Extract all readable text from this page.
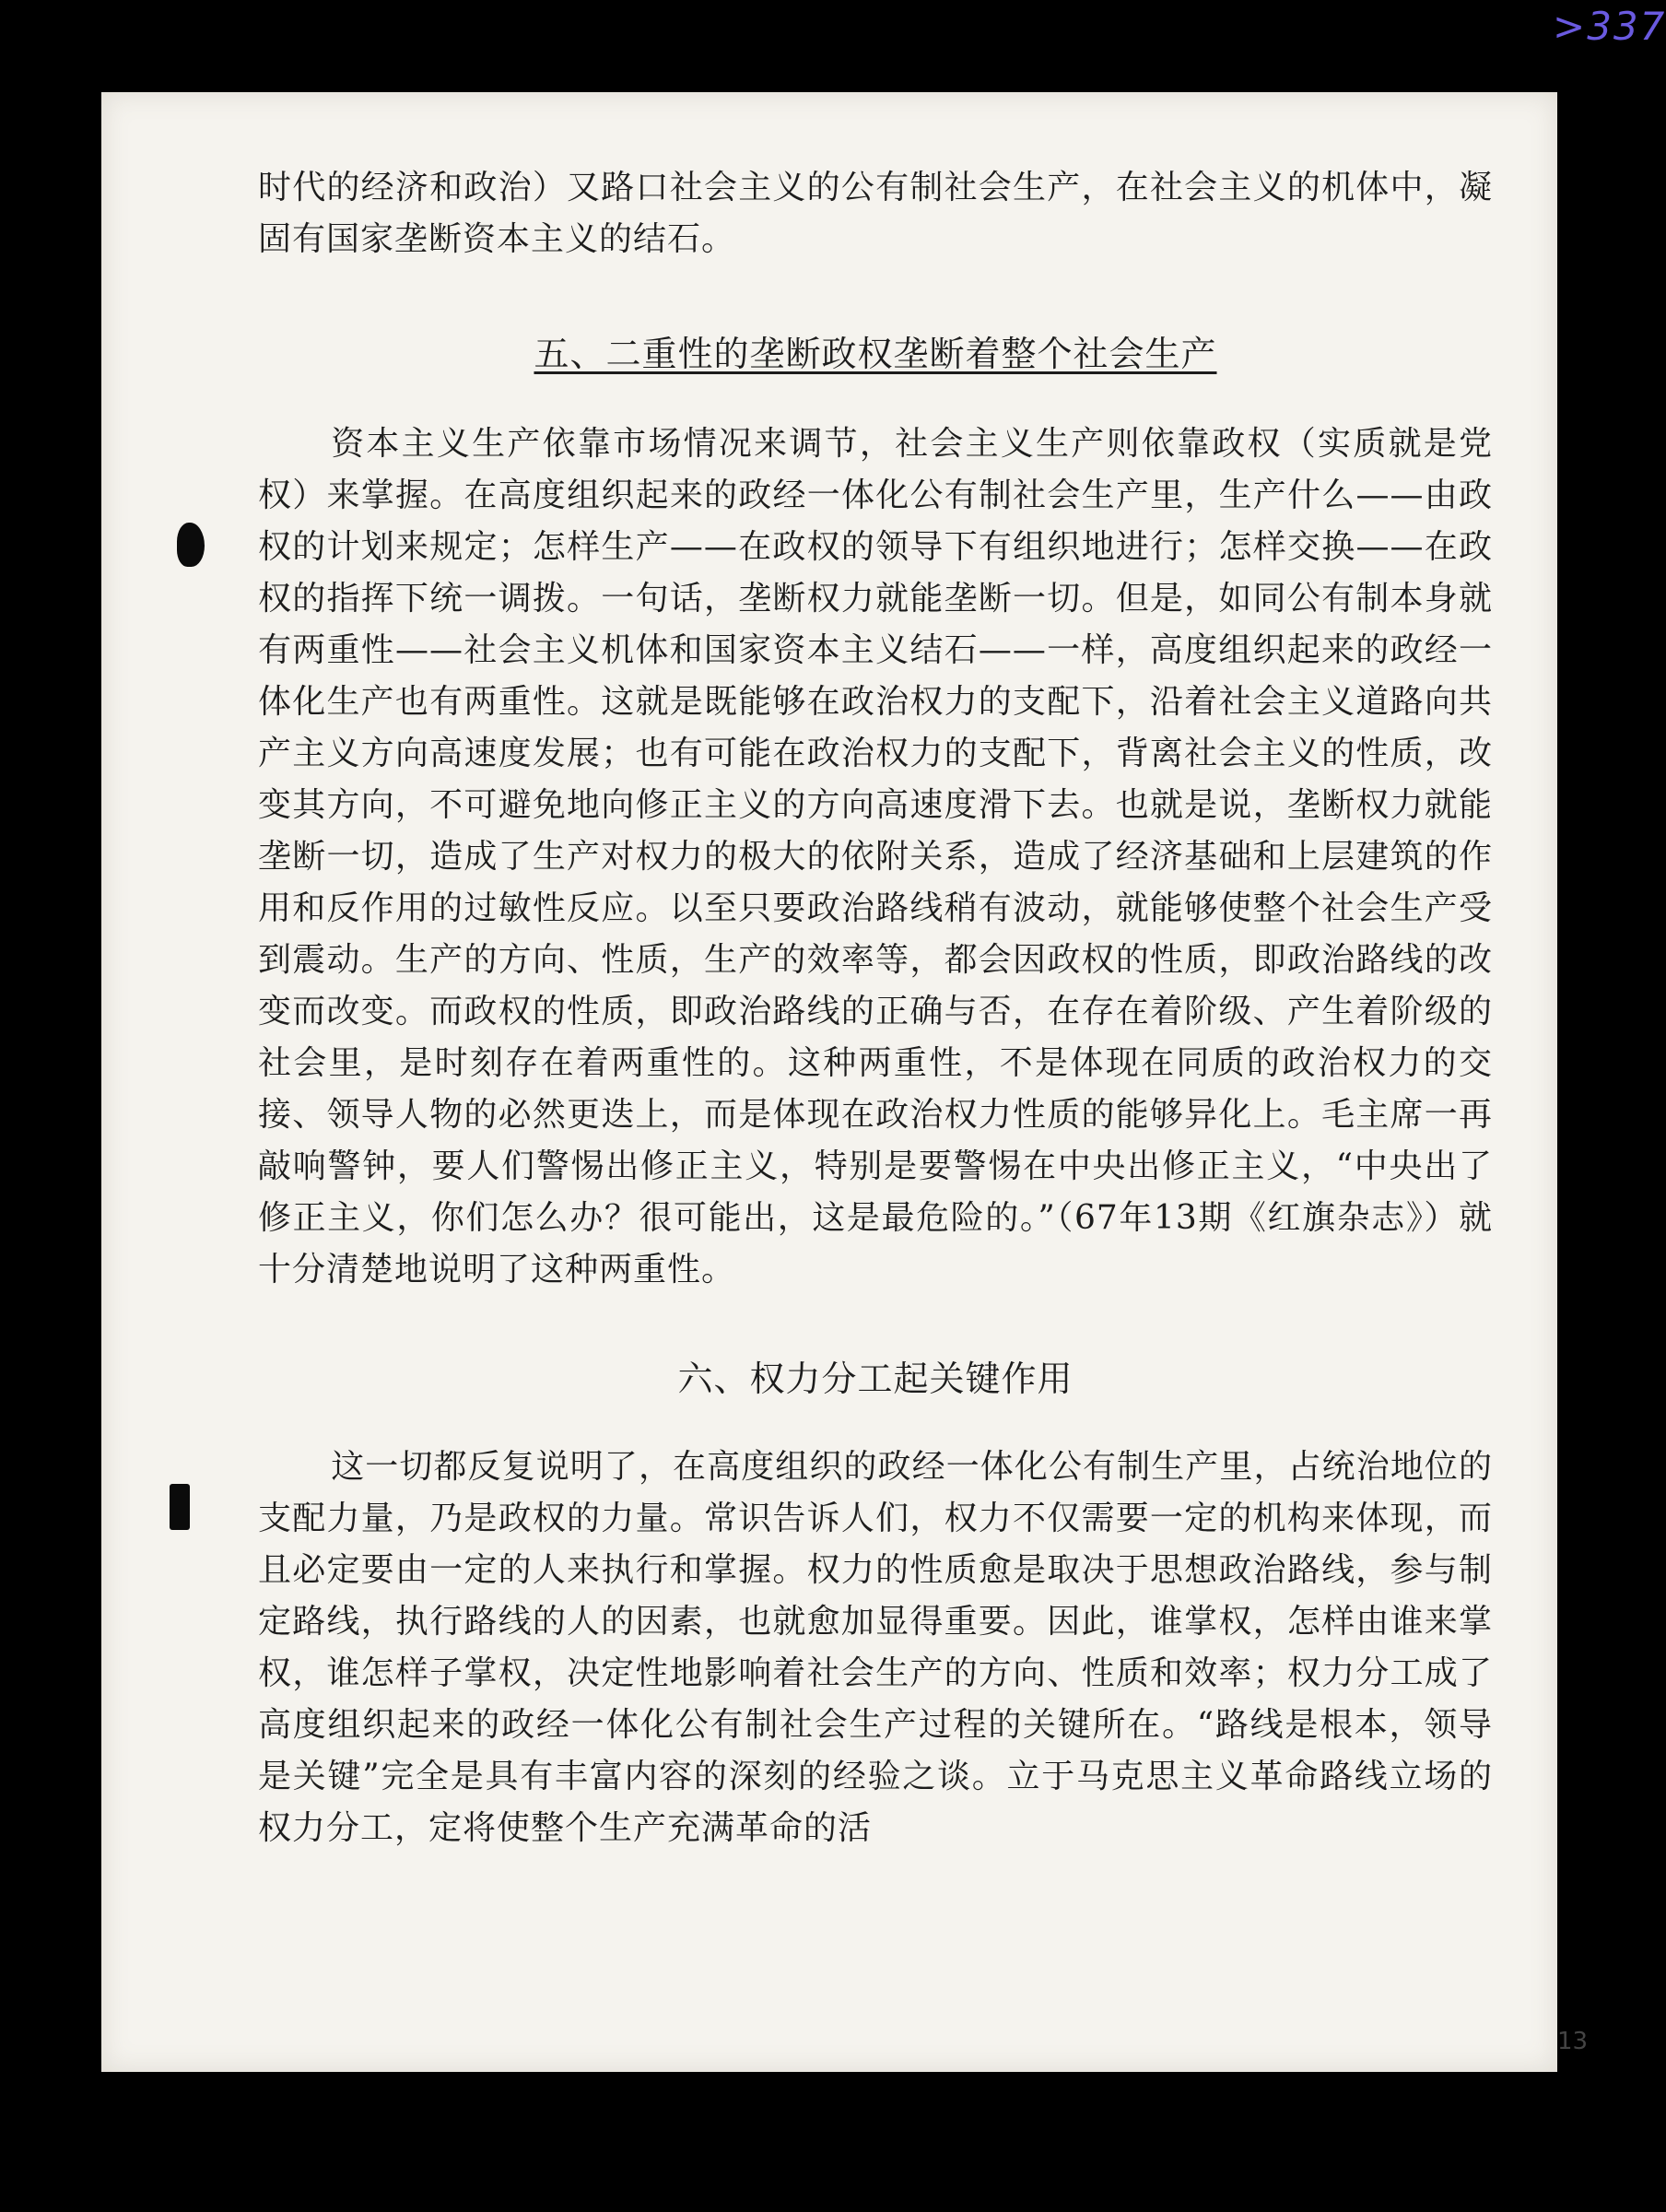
>337
13

时代的经济和政治）又路口社会主义的公有制社会生产，在社会主义的机体中，凝固有国家垄断资本主义的结石。

五、二重性的垄断政权垄断着整个社会生产

资本主义生产依靠市场情况来调节，社会主义生产则依靠政权（实质就是党权）来掌握。在高度组织起来的政经一体化公有制社会生产里，生产什么——由政权的计划来规定；怎样生产——在政权的领导下有组织地进行；怎样交换——在政权的指挥下统一调拨。一句话，垄断权力就能垄断一切。但是，如同公有制本身就有两重性——社会主义机体和国家资本主义结石——一样，高度组织起来的政经一体化生产也有两重性。这就是既能够在政治权力的支配下，沿着社会主义道路向共产主义方向高速度发展；也有可能在政治权力的支配下，背离社会主义的性质，改变其方向，不可避免地向修正主义的方向高速度滑下去。也就是说，垄断权力就能垄断一切，造成了生产对权力的极大的依附关系，造成了经济基础和上层建筑的作用和反作用的过敏性反应。以至只要政治路线稍有波动，就能够使整个社会生产受到震动。生产的方向、性质，生产的效率等，都会因政权的性质，即政治路线的改变而改变。而政权的性质，即政治路线的正确与否，在存在着阶级、产生着阶级的社会里，是时刻存在着两重性的。这种两重性，不是体现在同质的政治权力的交接、领导人物的必然更迭上，而是体现在政治权力性质的能够异化上。毛主席一再敲响警钟，要人们警惕出修正主义，特别是要警惕在中央出修正主义，“中央出了修正主义，你们怎么办？很可能出，这是最危险的。”（67年13期《红旗杂志》）就十分清楚地说明了这种两重性。

六、权力分工起关键作用

这一切都反复说明了，在高度组织的政经一体化公有制生产里，占统治地位的支配力量，乃是政权的力量。常识告诉人们，权力不仅需要一定的机构来体现，而且必定要由一定的人来执行和掌握。权力的性质愈是取决于思想政治路线，参与制定路线，执行路线的人的因素，也就愈加显得重要。因此，谁掌权，怎样由谁来掌权，谁怎样子掌权，决定性地影响着社会生产的方向、性质和效率；权力分工成了高度组织起来的政经一体化公有制社会生产过程的关键所在。“路线是根本，领导是关键”完全是具有丰富内容的深刻的经验之谈。立于马克思主义革命路线立场的权力分工，定将使整个生产充满革命的活
